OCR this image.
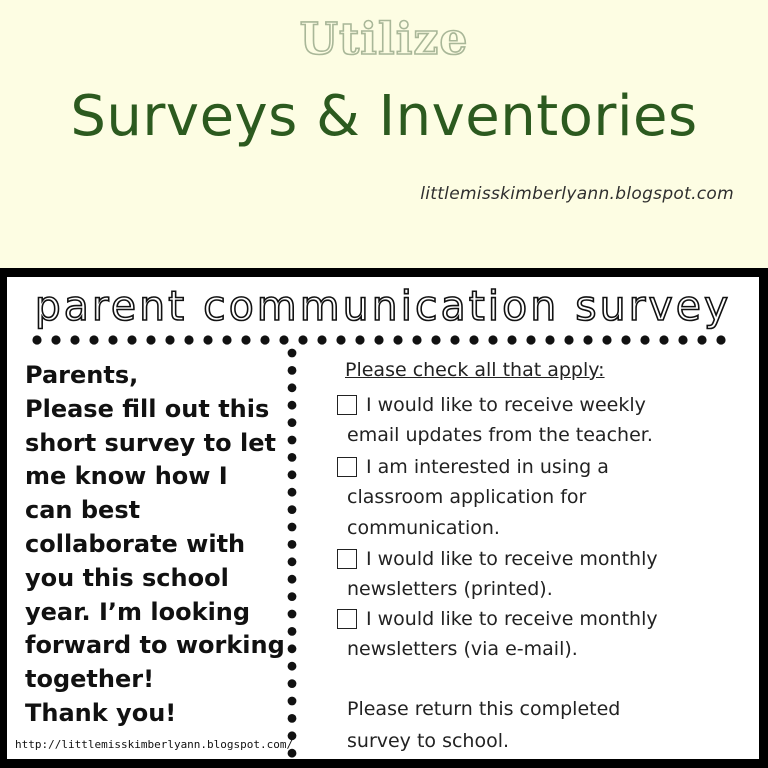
Utilize
Surveys & Inventories
littlemisskimberlyann.blogspot.com
parent communication survey

Parents,
Please fill out this
short survey to let
me know how I
can best
collaborate with
you this school
year. I’m looking
forward to working
together!
Thank you!

http://littlemisskimberlyann.blogspot.com/
Please check all that apply:
I would like to receive weekly
email updates from the teacher.
I am interested in using a
classroom application for
communication.
I would like to receive monthly
newsletters (printed).
I would like to receive monthly
newsletters (via e-mail).
Please return this completed
survey to school.
